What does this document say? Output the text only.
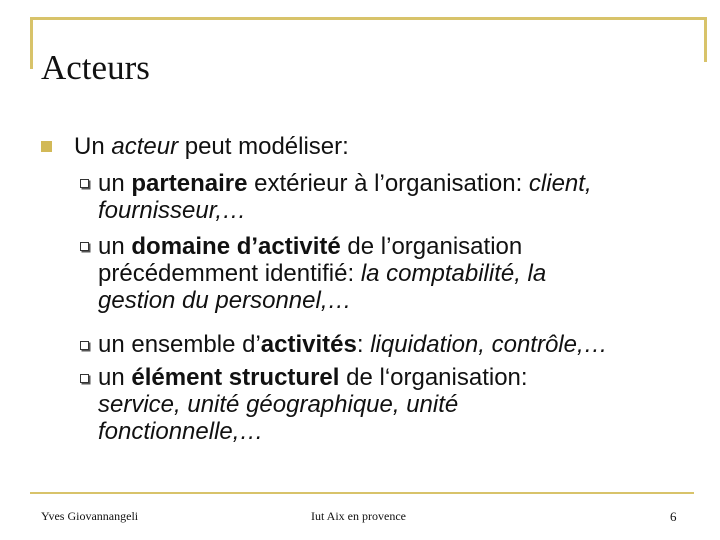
Acteurs
Un acteur peut modéliser:
un partenaire extérieur à l’organisation: client,
fournisseur,…
un domaine d’activité de l’organisation
précédemment identifié: la comptabilité, la
gestion du personnel,…
un ensemble d’activités: liquidation, contrôle,…
un élément structurel de l‘organisation:
service, unité géographique, unité
fonctionnelle,…
Yves Giovannangeli	Iut Aix en provence	6
